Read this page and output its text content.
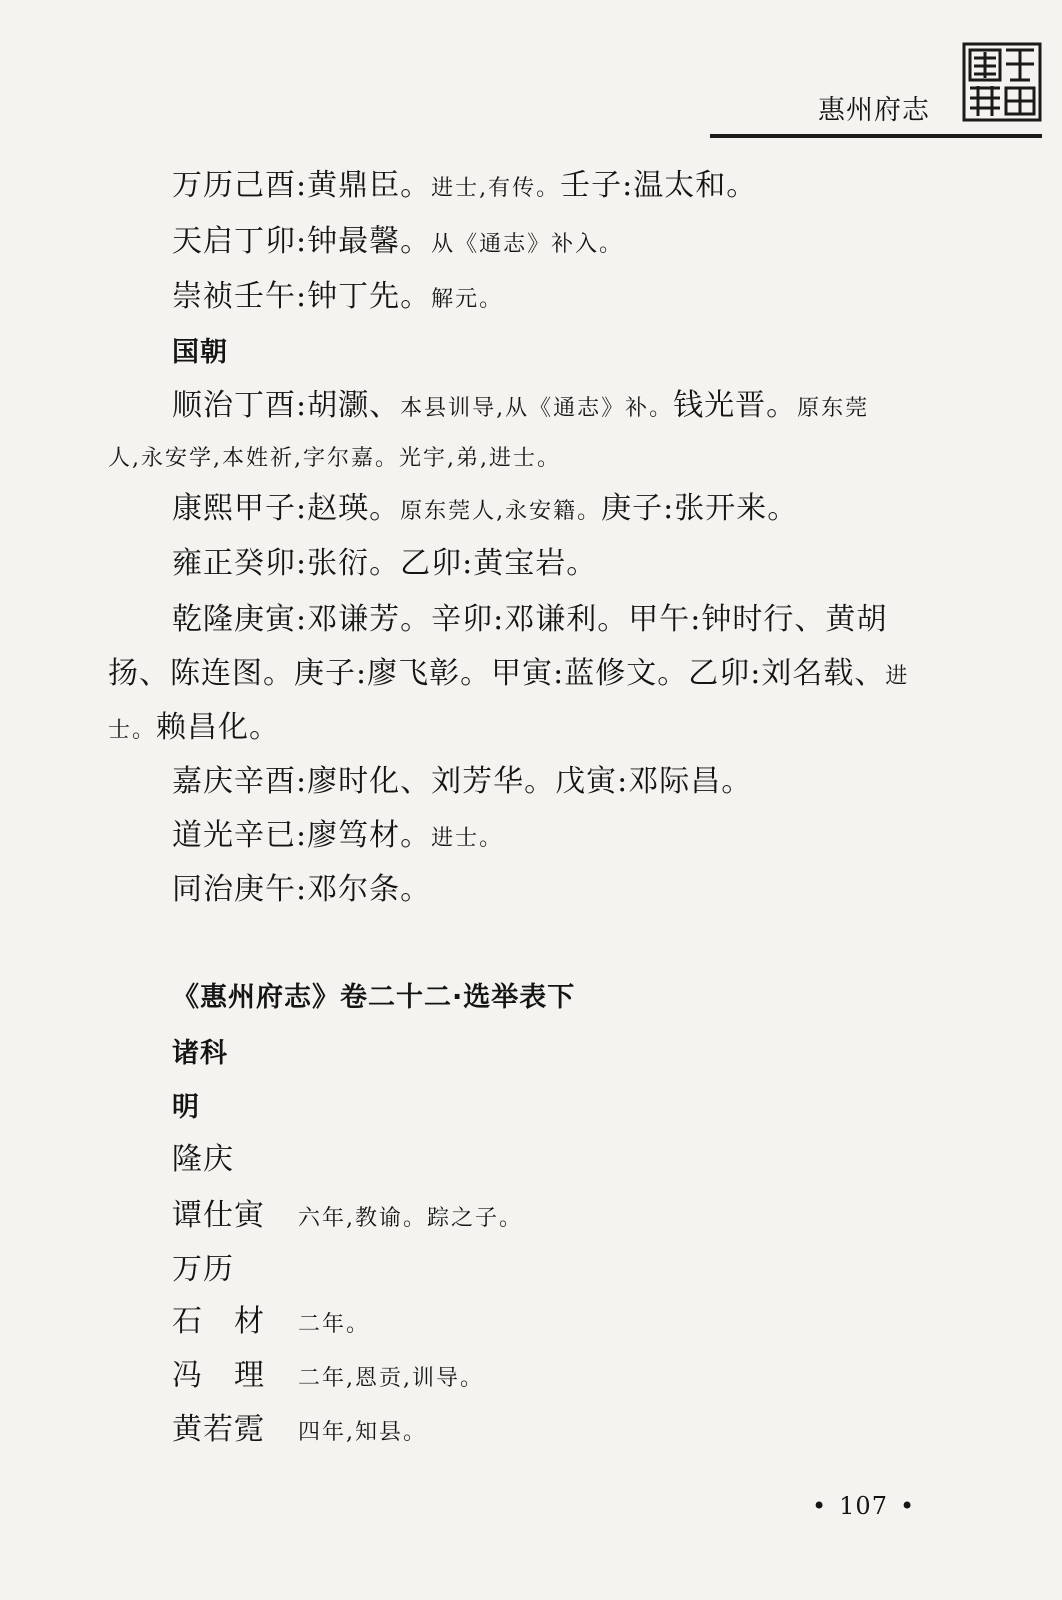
惠州府志
万历己酉:黄鼎臣。进士,有传。壬子:温太和。
天启丁卯:钟最馨。从《通志》补入。
崇祯壬午:钟丁先。解元。
国朝
顺治丁酉:胡灏、本县训导,从《通志》补。钱光晋。原东莞
人,永安学,本姓祈,字尔嘉。光宇,弟,进士。
康熙甲子:赵瑛。原东莞人,永安籍。庚子:张开来。
雍正癸卯:张衍。乙卯:黄宝岩。
乾隆庚寅:邓谦芳。辛卯:邓谦利。甲午:钟时行、黄胡
扬、陈连图。庚子:廖飞彰。甲寅:蓝修文。乙卯:刘名载、进
士。赖昌化。
嘉庆辛酉:廖时化、刘芳华。戊寅:邓际昌。
道光辛已:廖笃材。进士。
同治庚午:邓尔条。
《惠州府志》卷二十二·选举表下
诸科
明
隆庆
谭仕寅 六年,教谕。踪之子。
万历
石　材 二年。
冯　理 二年,恩贡,训导。
黄若霓 四年,知县。
• 107 •
